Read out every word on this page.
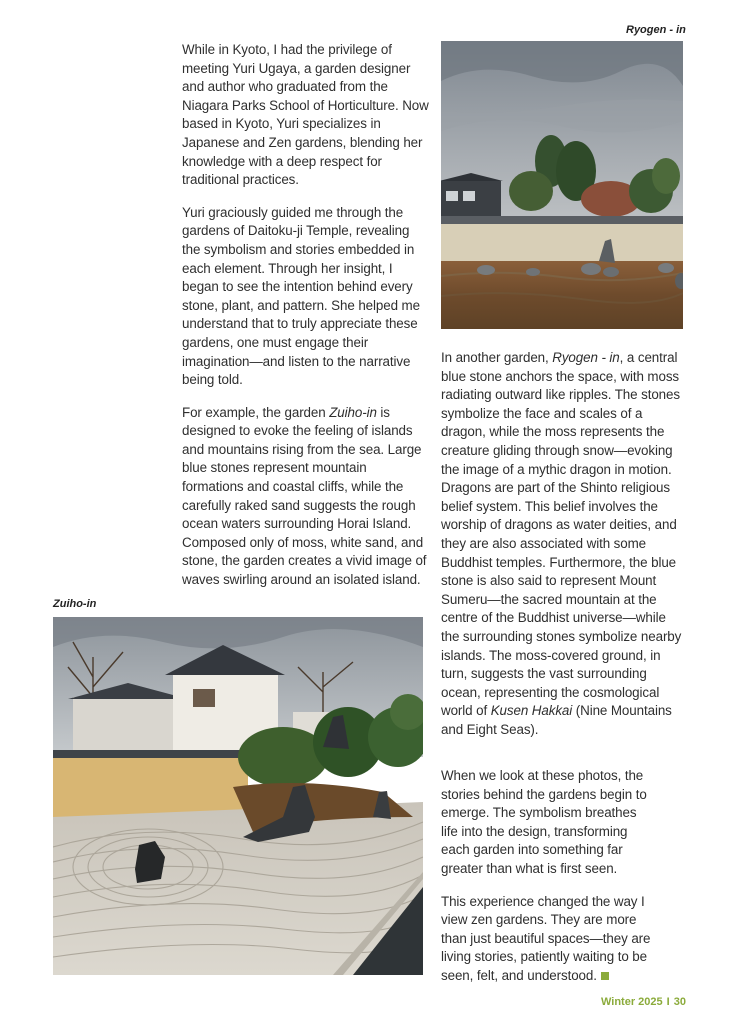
Ryogen - in

While in Kyoto, I had the privilege of meeting Yuri Ugaya, a garden designer and author who graduated from the Niagara Parks School of Horticulture. Now based in Kyoto, Yuri specializes in Japanese and Zen gardens, blending her knowledge with a deep respect for traditional practices.

Yuri graciously guided me through the gardens of Daitoku-ji Temple, revealing the symbolism and stories embedded in each element. Through her insight, I began to see the intention behind every stone, plant, and pattern. She helped me understand that to truly appreciate these gardens, one must engage their imagination—and listen to the narrative being told.

For example, the garden Zuiho-in is designed to evoke the feeling of islands and mountains rising from the sea. Large blue stones represent mountain formations and coastal cliffs, while the carefully raked sand suggests the rough ocean waters surrounding Horai Island. Composed only of moss, white sand, and stone, the garden creates a vivid image of waves swirling around an isolated island.

In another garden, Ryogen - in, a central blue stone anchors the space, with moss radiating outward like ripples. The stones symbolize the face and scales of a dragon, while the moss represents the creature gliding through snow—evoking the image of a mythic dragon in motion. Dragons are part of the Shinto religious belief system. This belief involves the worship of dragons as water deities, and they are also associated with some Buddhist temples. Furthermore, the blue stone is also said to represent Mount Sumeru—the sacred mountain at the centre of the Buddhist universe—while the surrounding stones symbolize nearby islands. The moss-covered ground, in turn, suggests the vast surrounding ocean, representing the cosmological world of Kusen Hakkai (Nine Mountains and Eight Seas).

When we look at these photos, the stories behind the gardens begin to emerge. The symbolism breathes life into the design, transforming each garden into something far greater than what is first seen.

This experience changed the way I view zen gardens. They are more than just beautiful spaces—they are living stories, patiently waiting to be seen, felt, and understood.

Zuiho-in
Winter 2025 I 30
